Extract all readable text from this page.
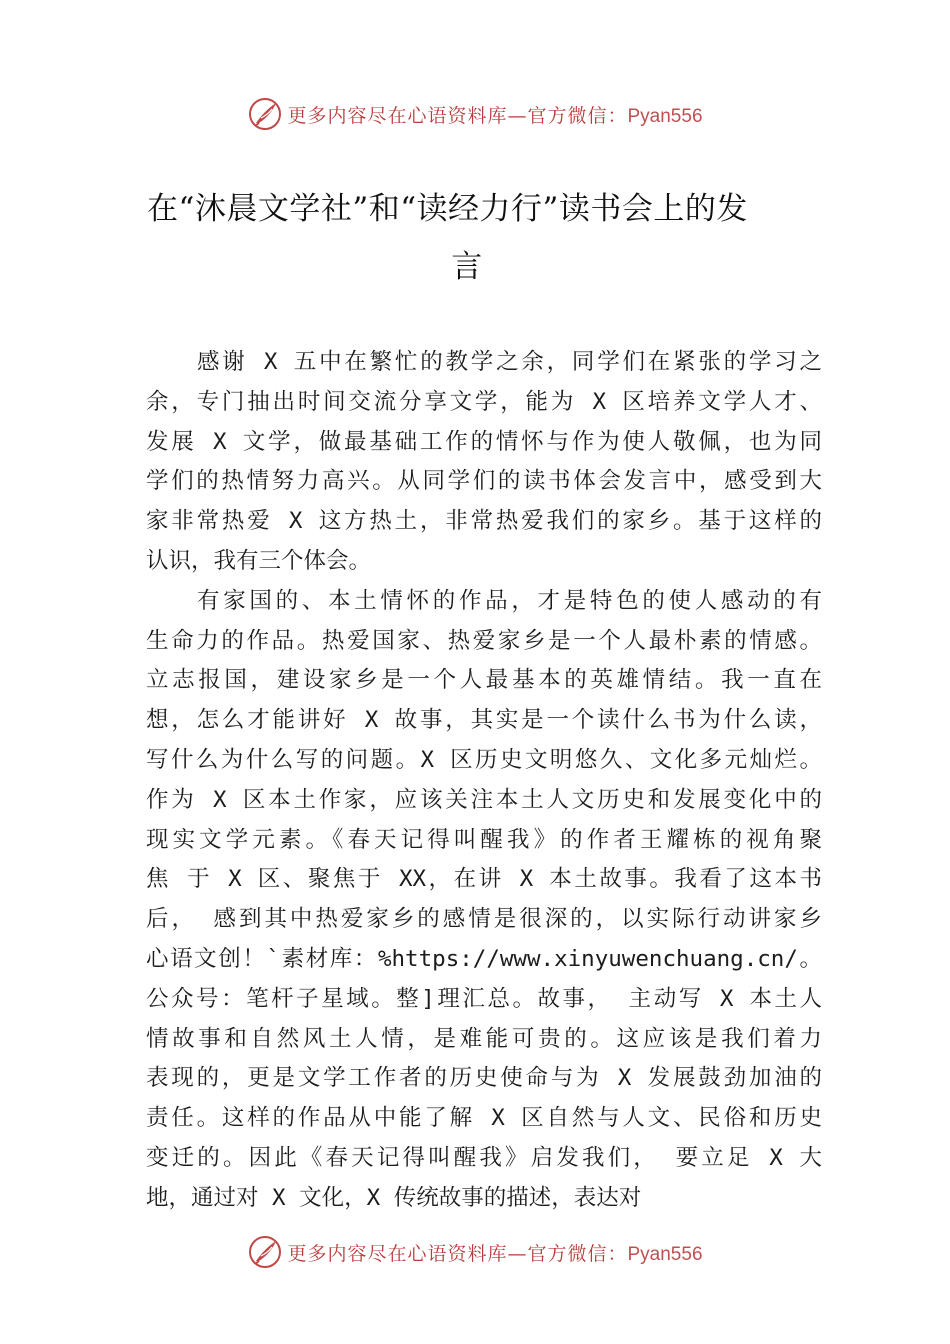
更多内容尽在心语资料库—官方微信：Pyan556
在“沐晨文学社”和“读经力行”读书会上的发
言
感谢 X 五中在繁忙的教学之余，同学们在紧张的学习之
余，专门抽出时间交流分享文学，能为 X 区培养文学人才、
发展 X 文学，做最基础工作的情怀与作为使人敬佩，也为同
学们的热情努力高兴。从同学们的读书体会发言中，感受到大
家非常热爱 X 这方热土，非常热爱我们的家乡。基于这样的
认识，我有三个体会。
有家国的、本土情怀的作品，才是特色的使人感动的有
生命力的作品。热爱国家、热爱家乡是一个人最朴素的情感。
立志报国，建设家乡是一个人最基本的英雄情结。我一直在
想，怎么才能讲好 X 故事，其实是一个读什么书为什么读，
写什么为什么写的问题。X 区历史文明悠久、文化多元灿烂。
作为 X 区本土作家，应该关注本土人文历史和发展变化中的
现实文学元素。《春天记得叫醒我》的作者王耀栋的视角聚
焦 于 X 区、聚焦于 XX，在讲 X 本土故事。我看了这本书
后， 感到其中热爱家乡的感情是很深的，以实际行动讲家乡
心语文创！`素材库：%https://www.xinyuwenchuang.cn/。
公众号：笔杆子星域。整]理汇总。故事， 主动写 X 本土人
情故事和自然风土人情，是难能可贵的。这应该是我们着力
表现的，更是文学工作者的历史使命与为 X 发展鼓劲加油的
责任。这样的作品从中能了解 X 区自然与人文、民俗和历史
变迁的。因此《春天记得叫醒我》启发我们， 要立足 X 大
地，通过对 X 文化，X 传统故事的描述，表达对
更多内容尽在心语资料库—官方微信：Pyan556
